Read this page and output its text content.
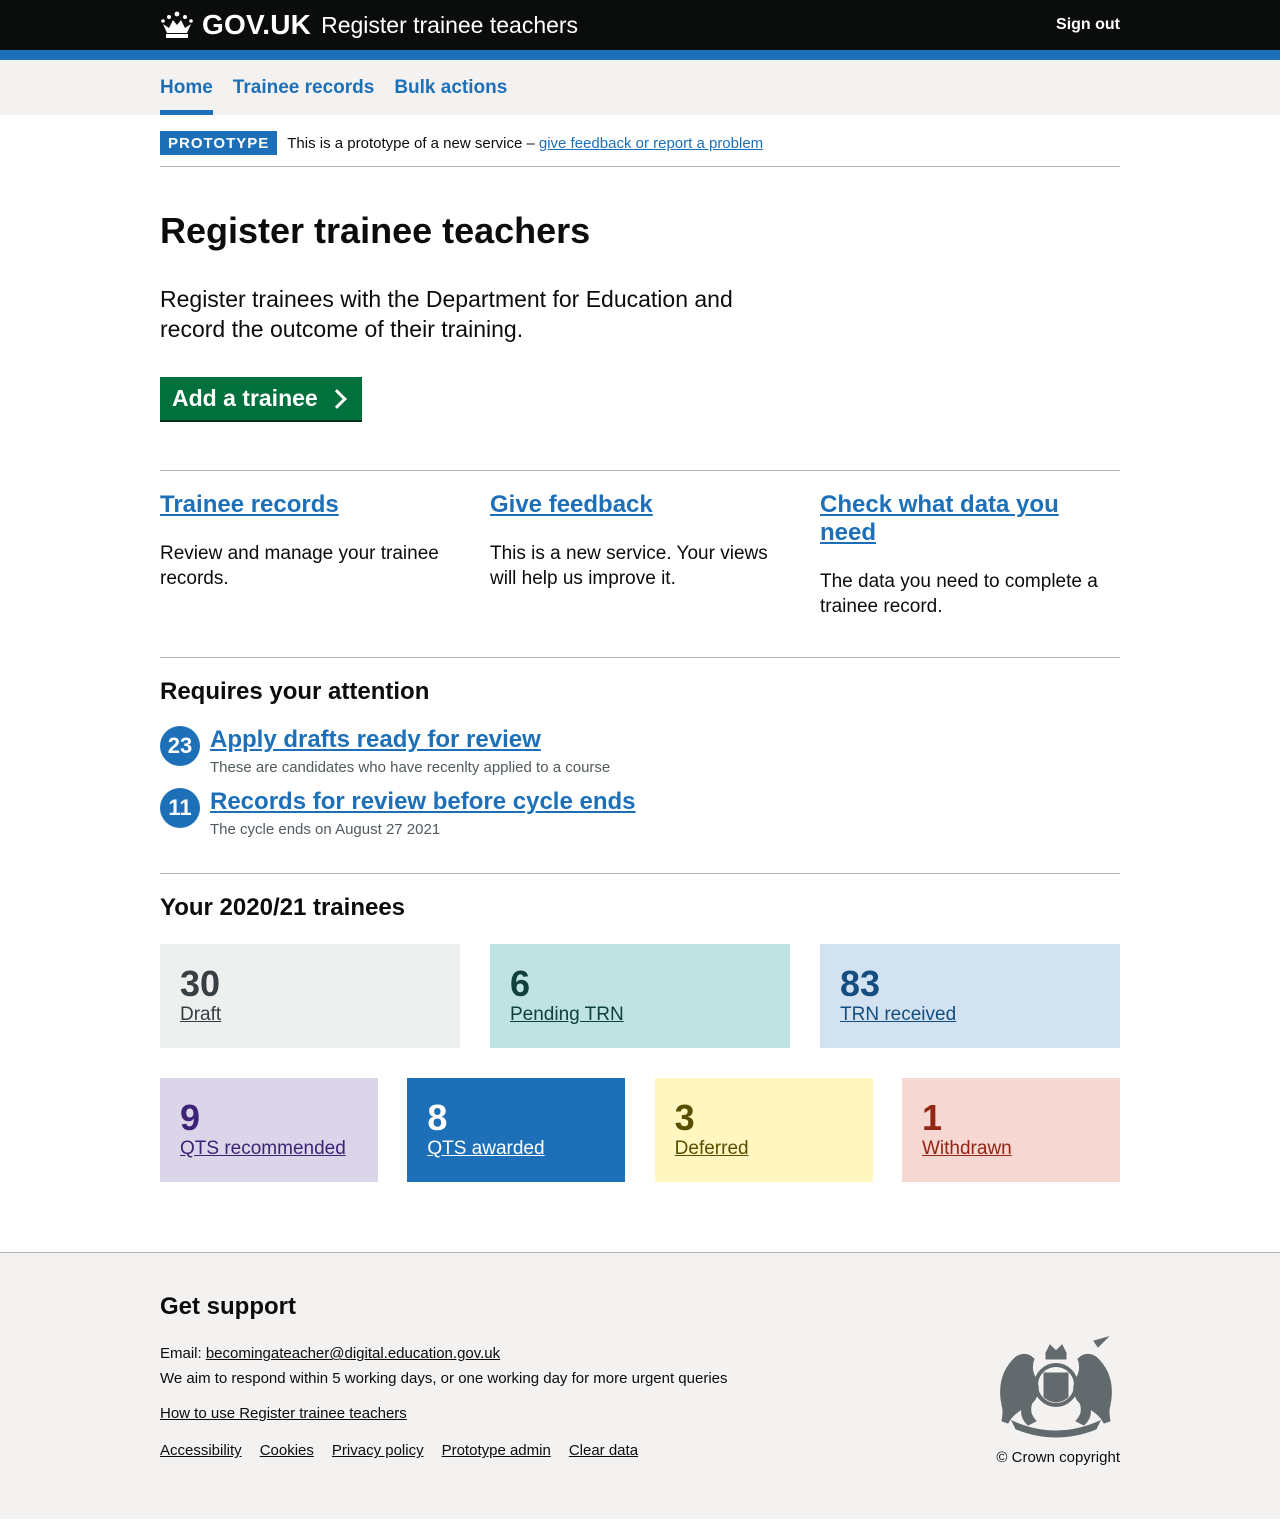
GOV.UK Register trainee teachers	Sign out
Home Trainee records Bulk actions
PROTOTYPE	This is a prototype of a new service – give feedback or report a problem
Register trainee teachers

Register trainees with the Department for Education and record the outcome of their training.

Add a trainee
Trainee records

Review and manage your trainee records.

Give feedback

This is a new service. Your views will help us improve it.

Check what data you need

The data you need to complete a trainee record.

Requires your attention
23 Apply drafts ready for review

These are candidates who have recenlty applied to a course

11 Records for review before cycle ends

The cycle ends on August 27 2021

Your 2020/21 trainees
30
Draft
6
Pending TRN
83
TRN received
9
QTS recommended
8
QTS awarded
3
Deferred
1
Withdrawn
Get support
Email: becomingateacher@digital.education.gov.uk
We aim to respond within 5 working days, or one working day for more urgent queries

How to use Register trainee teachers

Accessibility Cookies Privacy policy Prototype admin Clear data	© Crown copyright
